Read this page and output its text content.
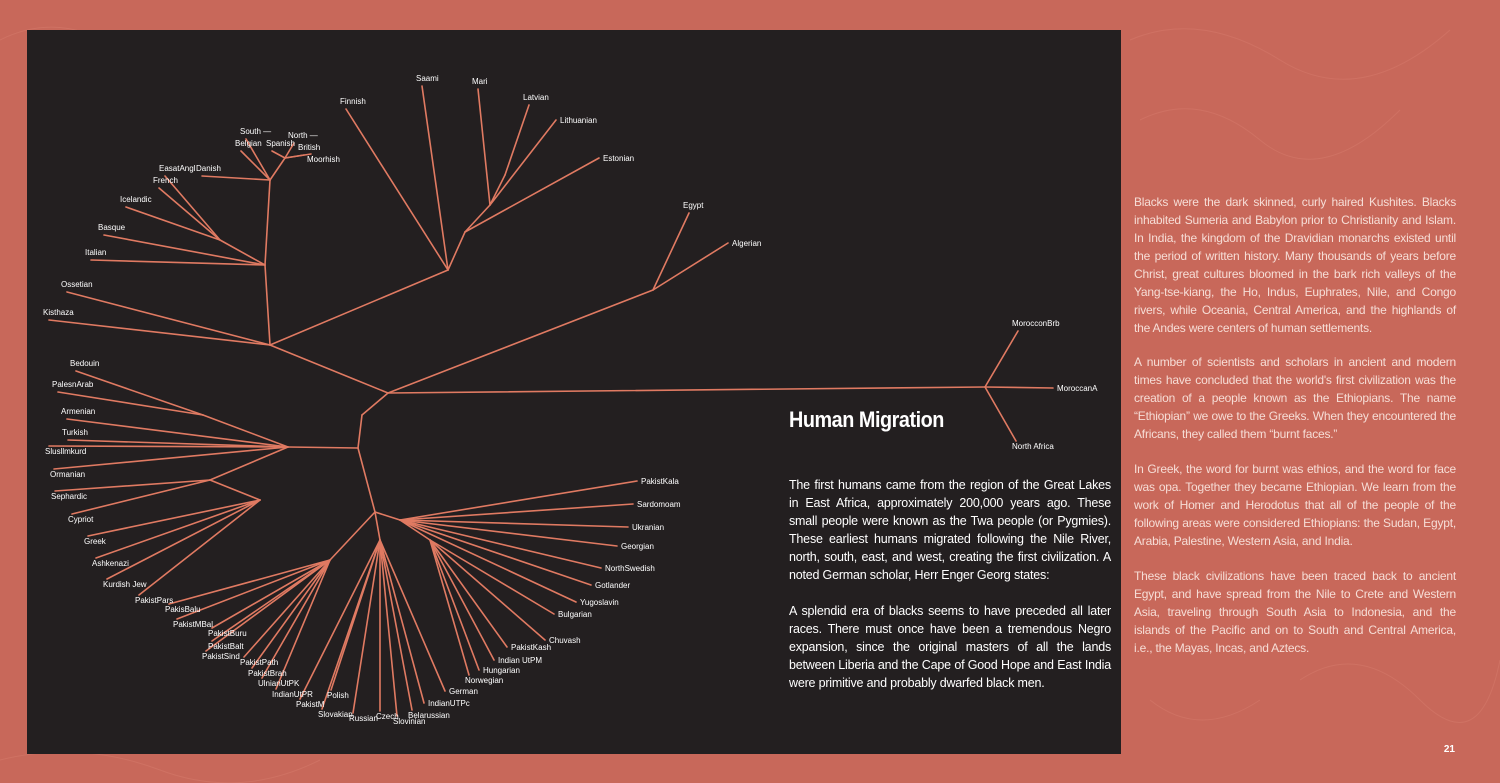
Saami	Mari
Latvian
Finnish
Lithuanian
Estonian
South —
Belgian Spanish
North —
British
Moorhish
EasatAngl Danish
French
Icelandic
Basque
Italian
Ossetian
Kisthaza
Egypt
Algerian
MorocconBrb
MoroccanA
North Africa
Bedouin
PalesnArab
Armenian
Turkish
Slusllmkurd
Ormanian
Sephardic
Cypriot
Greek
Ashkenazi
Kurdish Jew
PakistPars
PakisBalu
PakistMBal
PakistBuru
PakistBalt
PakistSind
PakistPath
PakistBrah
UlnianUtPK
IndianUtPR
PakistM
Polish
Slovakian
Russian
Czech
Slovinian
Belarussian
IndianUTPc
German
Norwegian
Hungarian
Indian UtPM
PakistKash
Chuvash
Bulgarian
Yugoslavin
Gotlander
NorthSwedish
Georgian
Ukranian
Sardomoam
PakistKala
Human Migration

The first humans came from the region of the Great Lakes in East Africa, approximately 200,000 years ago. These small people were known as the Twa people (or Pygmies). These earliest humans migrated following the Nile River, north, south, east, and west, creating the first civilization. A noted German scholar, Herr Enger Georg states:

A splendid era of blacks seems to have preceded all later races. There must once have been a tremendous Negro expansion, since the original masters of all the lands between Liberia and the Cape of Good Hope and East India were primitive and probably dwarfed black men.

Blacks were the dark skinned, curly haired Kushites. Blacks inhabited Sumeria and Babylon prior to Christianity and Islam. In India, the kingdom of the Dravidian monarchs existed until the period of written history. Many thousands of years before Christ, great cultures bloomed in the bark rich valleys of the Yang-tse-kiang, the Ho, Indus, Euphrates, Nile, and Congo rivers, while Oceania, Central America, and the highlands of the Andes were centers of human settlements.

A number of scientists and scholars in ancient and modern times have concluded that the world's first civilization was the creation of a people known as the Ethiopians. The name “Ethiopian” we owe to the Greeks. When they encountered the Africans, they called them “burnt faces.”

In Greek, the word for burnt was ethios, and the word for face was opa. Together they became Ethiopian. We learn from the work of Homer and Herodotus that all of the people of the following areas were considered Ethiopians: the Sudan, Egypt, Arabia, Palestine, Western Asia, and India.

These black civilizations have been traced back to ancient Egypt, and have spread from the Nile to Crete and Western Asia, traveling through South Asia to Indonesia, and the islands of the Pacific and on to South and Central America, i.e., the Mayas, Incas, and Aztecs.

21
